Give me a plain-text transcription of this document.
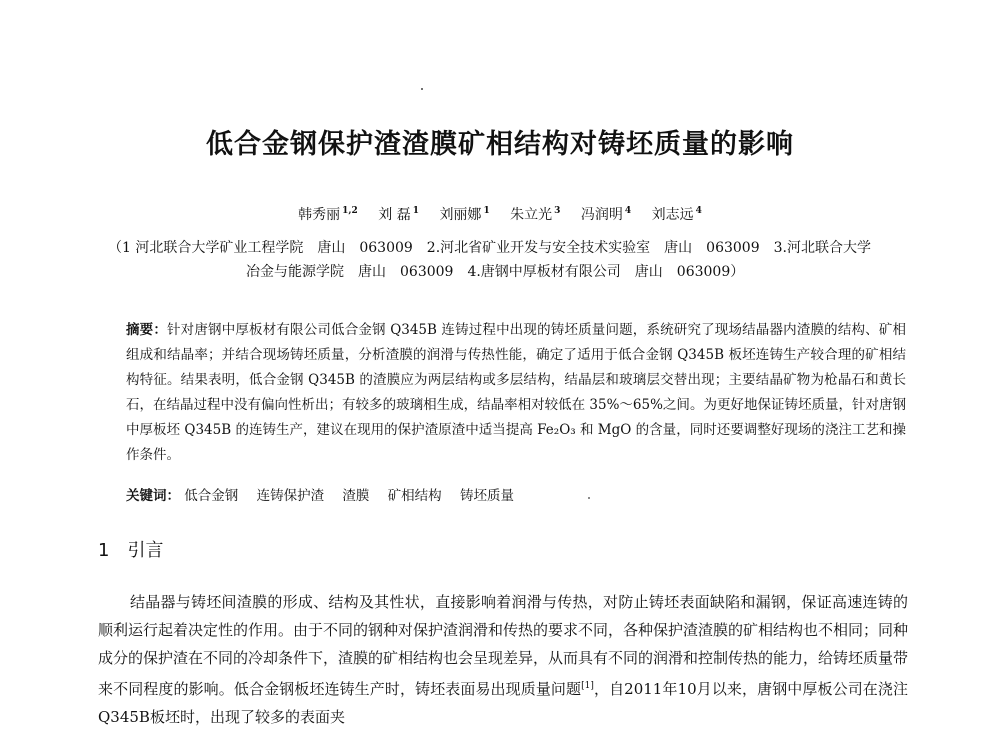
低合金钢保护渣渣膜矿相结构对铸坯质量的影响
韩秀丽 $^{1,2}$ 刘 磊 $^1$ 刘丽娜 $^1$ 朱立光 $^3$ 冯润明 $^4$ 刘志远 $^4$
（1 河北联合大学矿业工程学院　唐山　063009　2.河北省矿业开发与安全技术实验室　唐山　063009　3.河北联合大学
冶金与能源学院　唐山　063009　4.唐钢中厚板材有限公司　唐山　063009）

摘要：针对唐钢中厚板材有限公司低合金钢 Q345B 连铸过程中出现的铸坯质量问题，系统研究了现场结晶器内渣膜的结构、矿相组成和结晶率；并结合现场铸坯质量，分析渣膜的润滑与传热性能，确定了适用于低合金钢 Q345B 板坯连铸生产较合理的矿相结构特征。结果表明，低合金钢 Q345B 的渣膜应为两层结构或多层结构，结晶层和玻璃层交替出现；主要结晶矿物为枪晶石和黄长石，在结晶过程中没有偏向性析出；有较多的玻璃相生成，结晶率相对较低在 35%～65%之间。为更好地保证铸坯质量，针对唐钢中厚板坯 Q345B 的连铸生产，建议在现用的保护渣原渣中适当提高 Fe₂O₃ 和 MgO 的含量，同时还要调整好现场的浇注工艺和操作条件。

关键词： 低合金钢 连铸保护渣 渣膜 矿相结构 铸坯质量
1 引言

结晶器与铸坯间渣膜的形成、结构及其性状，直接影响着润滑与传热，对防止铸坯表面缺陷和漏钢，保证高速连铸的顺利运行起着决定性的作用。由于不同的钢种对保护渣润滑和传热的要求不同，各种保护渣渣膜的矿相结构也不相同；同种成分的保护渣在不同的冷却条件下，渣膜的矿相结构也会呈现差异，从而具有不同的润滑和控制传热的能力，给铸坯质量带来不同程度的影响。低合金钢板坯连铸生产时，铸坯表面易出现质量问题[1]，自2011年10月以来，唐钢中厚板公司在浇注Q345B板坯时，出现了较多的表面夹
